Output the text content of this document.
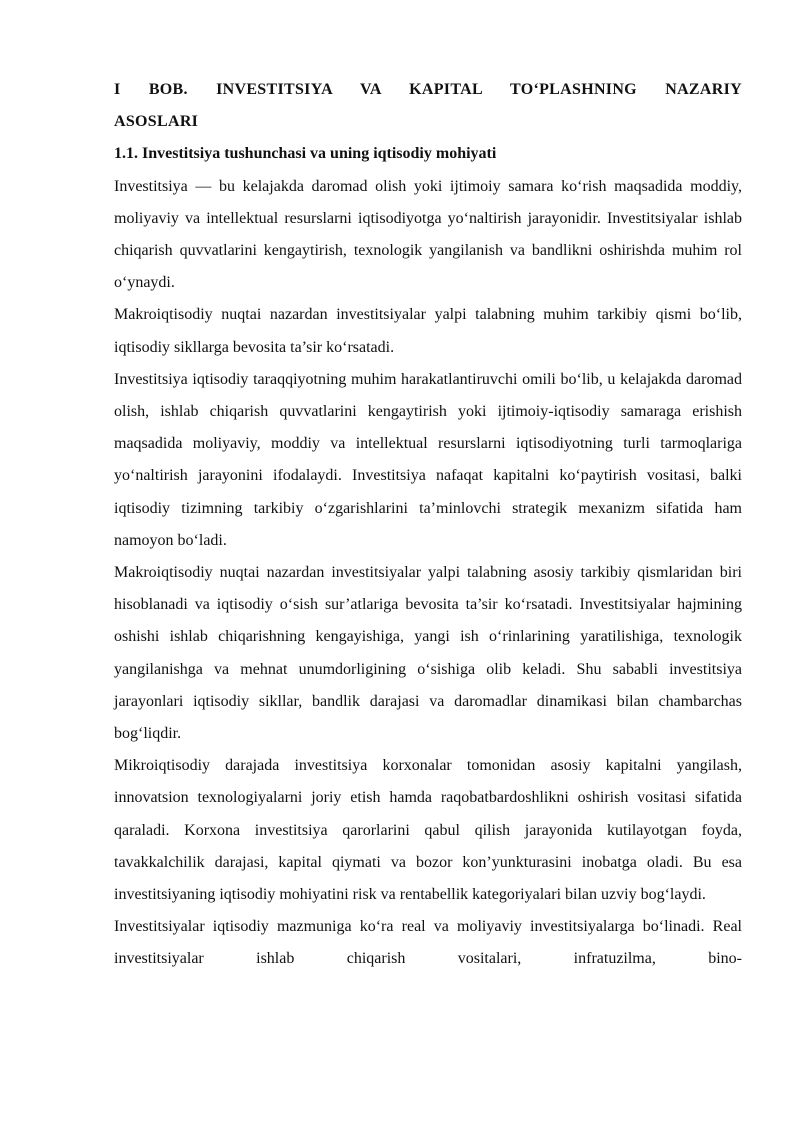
I BOB. INVESTITSIYA VA KAPITAL TO‘PLASHNING NAZARIY ASOSLARI
1.1. Investitsiya tushunchasi va uning iqtisodiy mohiyati

Investitsiya — bu kelajakda daromad olish yoki ijtimoiy samara ko‘rish maqsadida moddiy, moliyaviy va intellektual resurslarni iqtisodiyotga yo‘naltirish jarayonidir. Investitsiyalar ishlab chiqarish quvvatlarini kengaytirish, texnologik yangilanish va bandlikni oshirishda muhim rol o‘ynaydi.

Makroiqtisodiy nuqtai nazardan investitsiyalar yalpi talabning muhim tarkibiy qismi bo‘lib, iqtisodiy sikllarga bevosita ta’sir ko‘rsatadi.

Investitsiya iqtisodiy taraqqiyotning muhim harakatlantiruvchi omili bo‘lib, u kelajakda daromad olish, ishlab chiqarish quvvatlarini kengaytirish yoki ijtimoiy-iqtisodiy samaraga erishish maqsadida moliyaviy, moddiy va intellektual resurslarni iqtisodiyotning turli tarmoqlariga yo‘naltirish jarayonini ifodalaydi. Investitsiya nafaqat kapitalni ko‘paytirish vositasi, balki iqtisodiy tizimning tarkibiy o‘zgarishlarini ta’minlovchi strategik mexanizm sifatida ham namoyon bo‘ladi.

Makroiqtisodiy nuqtai nazardan investitsiyalar yalpi talabning asosiy tarkibiy qismlaridan biri hisoblanadi va iqtisodiy o‘sish sur’atlariga bevosita ta’sir ko‘rsatadi. Investitsiyalar hajmining oshishi ishlab chiqarishning kengayishiga, yangi ish o‘rinlarining yaratilishiga, texnologik yangilanishga va mehnat unumdorligining o‘sishiga olib keladi. Shu sababli investitsiya jarayonlari iqtisodiy sikllar, bandlik darajasi va daromadlar dinamikasi bilan chambarchas bog‘liqdir.

Mikroiqtisodiy darajada investitsiya korxonalar tomonidan asosiy kapitalni yangilash, innovatsion texnologiyalarni joriy etish hamda raqobatbardoshlikni oshirish vositasi sifatida qaraladi. Korxona investitsiya qarorlarini qabul qilish jarayonida kutilayotgan foyda, tavakkalchilik darajasi, kapital qiymati va bozor kon’yunkturasini inobatga oladi. Bu esa investitsiyaning iqtisodiy mohiyatini risk va rentabellik kategoriyalari bilan uzviy bog‘laydi.

Investitsiyalar iqtisodiy mazmuniga ko‘ra real va moliyaviy investitsiyalarga bo‘linadi. Real investitsiyalar ishlab chiqarish vositalari, infratuzilma, bino-
